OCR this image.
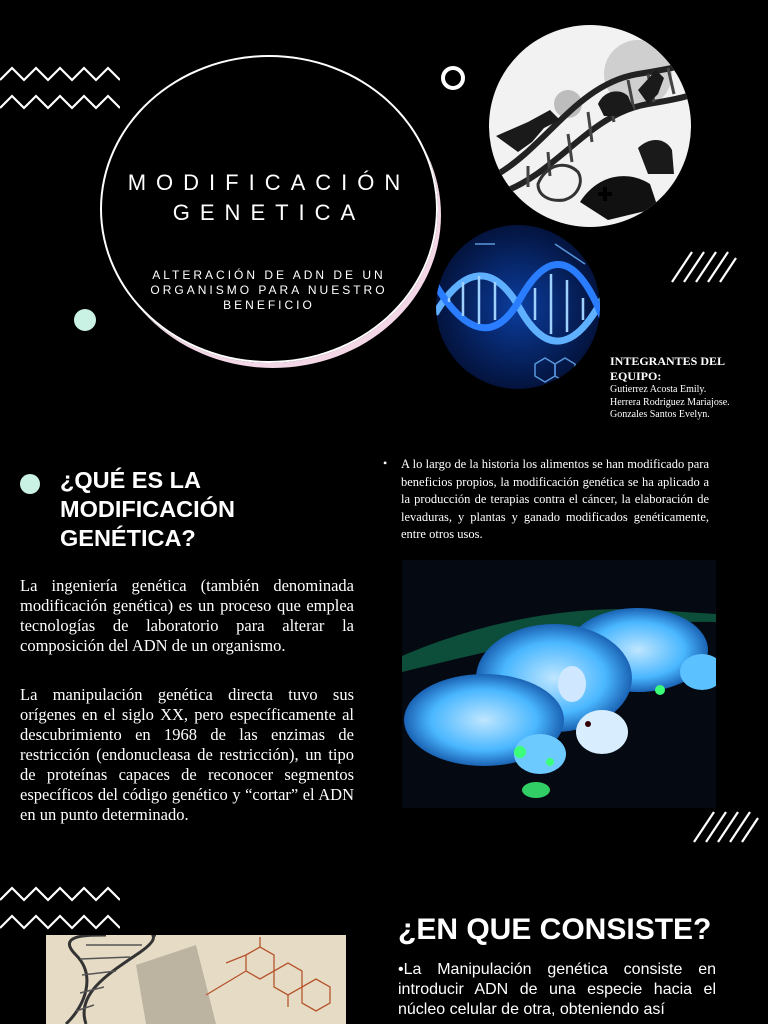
MODIFICACIÓN
GENETICA
ALTERACIÓN DE ADN DE UN ORGANISMO PARA NUESTRO BENEFICIO
INTEGRANTES DEL EQUIPO:
Gutierrez Acosta Emily.
Herrera Rodriguez Mariajose.
Gonzales Santos Evelyn.
¿QUÉ ES LA MODIFICACIÓN GENÉTICA?
La ingeniería genética (también denominada modificación genética) es un proceso que emplea tecnologías de laboratorio para alterar la composición del ADN de un organismo.
La manipulación genética directa tuvo sus orígenes en el siglo XX, pero específicamente al descubrimiento en 1968 de las enzimas de restricción (endonucleasa de restricción), un tipo de proteínas capaces de reconocer segmentos específicos del código genético y “cortar” el ADN en un punto determinado.
• A lo largo de la historia los alimentos se han modificado para beneficios propios, la modificación genética se ha aplicado a la producción de terapias contra el cáncer, la elaboración de levaduras, y plantas y ganado modificados genéticamente, entre otros usos.
¿EN QUE CONSISTE?
•La Manipulación genética consiste en introducir ADN de una especie hacia el núcleo celular de otra, obteniendo así
